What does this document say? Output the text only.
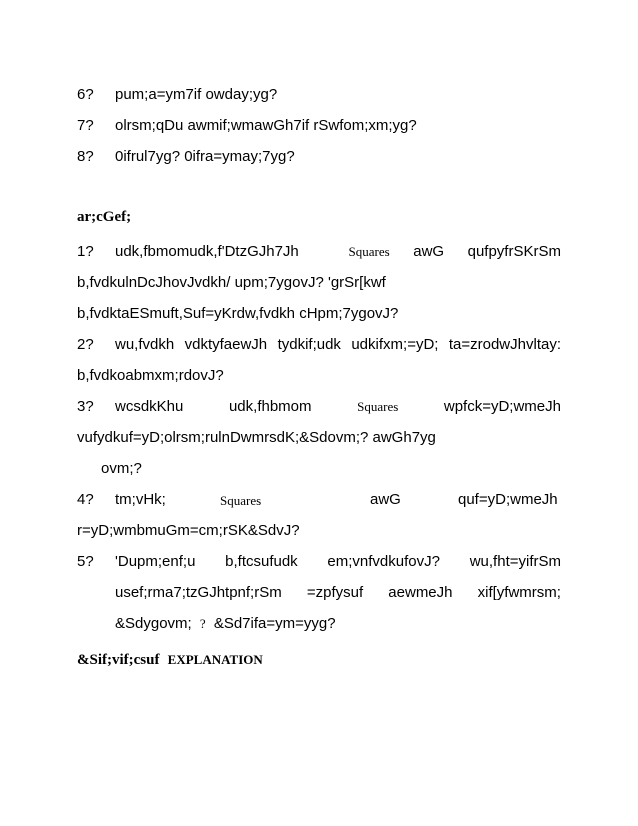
6? pum;a=ym7if owday;yg?
7? olrsm;qDu awmif;wmawGh7if rSwfom;xm;yg?
8? 0ifrul7yg? 0ifra=ymay;7yg?
ar;cGef;
1? udk,fbmomudk,f'DtzGJh7Jh	Squares awG qufpyfrSKrSm
b,fvdkulnDcJhovJvdkh/ upm;7ygovJ? 'grSr[kwf
b,fvdktaESmuft,Suf=yKrdw,fvdkh cHpm;7ygovJ?
2? wu,fvdkh vdktyfaewJh tydkif;udk udkifxm;=yD; ta=zrodwJhvltay:
b,fvdkoabmxm;rdovJ?
3? wcsdkKhu	udk,fhbmom	Squares	wpfck=yD;wmeJh
vufydkuf=yD;olrsm;rulnDwmrsdK;&Sdovm;? awGh7yg
ovm;?
4? tm;vHk;	Squares	awG	quf=yD;wmeJh
r=yD;wmbmuGm=cm;rSK&SdvJ?
5? 'Dupm;enf;u b,ftcsufudk em;vnfvdkufovJ? wu,fht=yifrSm
usef;rma7;tzGJhtpnf;rSm =zpfysuf aewmeJh xif[yfwmrsm;
&Sdygovm; ? &Sd7ifa=ym=yyg?
&Sif;vif;csuf EXPLANATION
